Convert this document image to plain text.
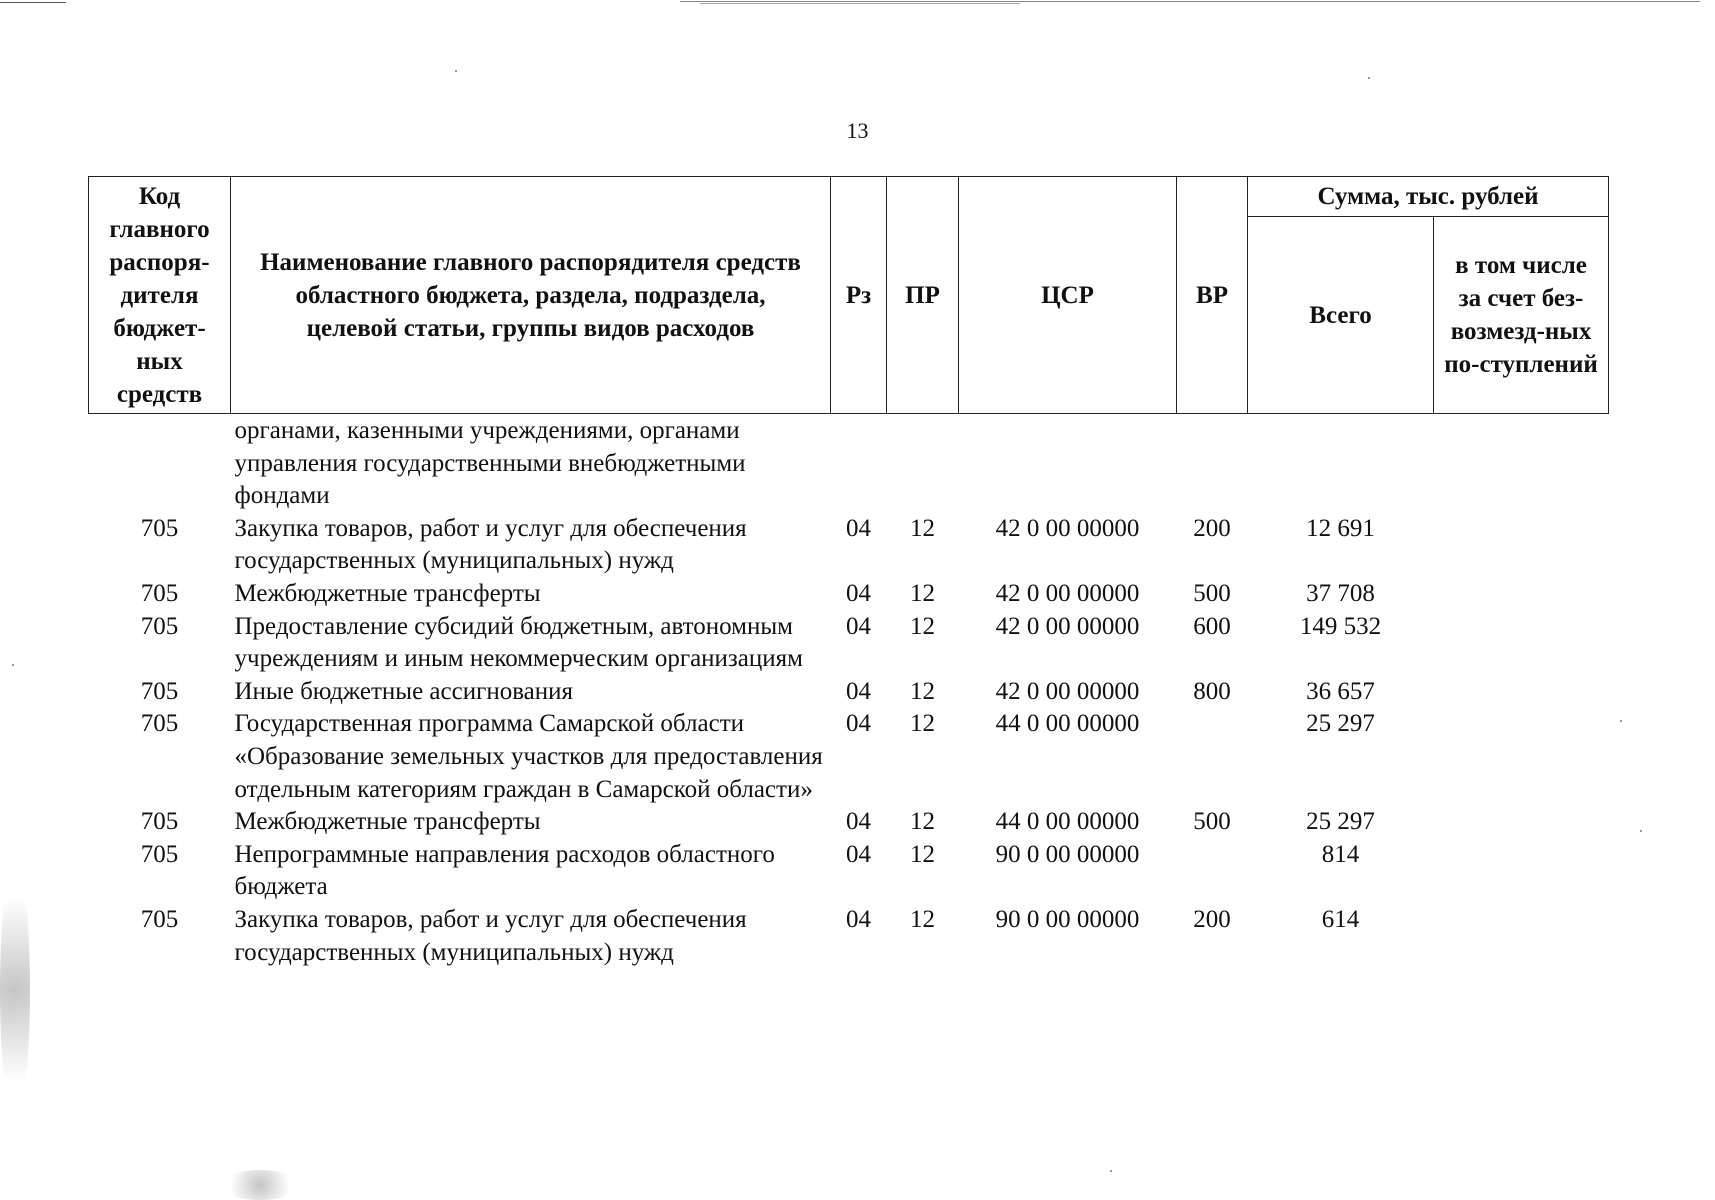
13
Код главного распоря-дителя бюджет-ных средств	Наименование главного распорядителя средств областного бюджета, раздела, подраздела, целевой статьи, группы видов расходов	Рз	ПР	ЦСР	ВР	Сумма, тыс. рублей	
						Всего	в том числе за счет без-возмезд-ных по-ступлений
	органами, казенными учреждениями, органами управления государственными внебюджетными фондами						
705	Закупка товаров, работ и услуг для обеспечения государственных (муниципальных) нужд	04	12	42 0 00 00000	200	12 691	
705	Межбюджетные трансферты	04	12	42 0 00 00000	500	37 708	
705	Предоставление субсидий бюджетным, автономным учреждениям и иным некоммерческим организациям	04	12	42 0 00 00000	600	149 532	
705	Иные бюджетные ассигнования	04	12	42 0 00 00000	800	36 657	
705	Государственная программа Самарской области «Образование земельных участков для предоставления отдельным категориям граждан в Самарской области»	04	12	44 0 00 00000		25 297	
705	Межбюджетные трансферты	04	12	44 0 00 00000	500	25 297	
705	Непрограммные направления расходов областного бюджета	04	12	90 0 00 00000		814	
705	Закупка товаров, работ и услуг для обеспечения государственных (муниципальных) нужд	04	12	90 0 00 00000	200	614	
